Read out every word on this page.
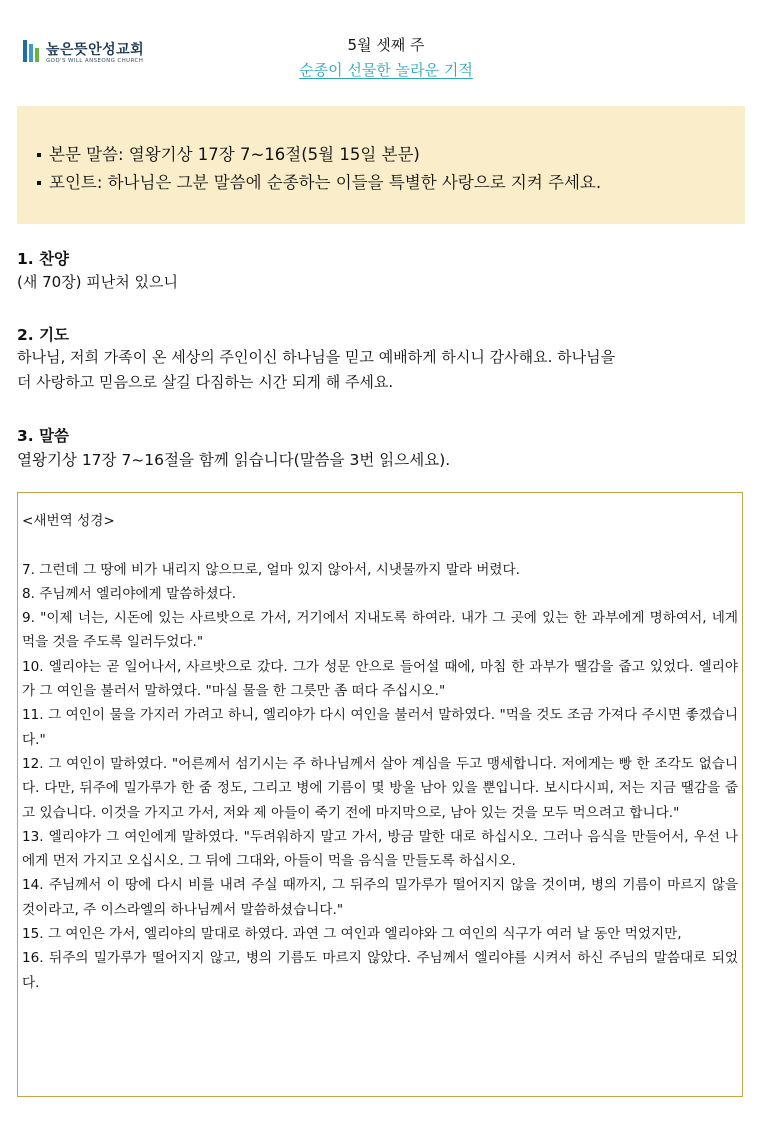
높은뜻안성교회
GOD'S WILL ANSEONG CHURCH
5월 셋째 주
순종이 선물한 놀라운 기적
본문 말씀: 열왕기상 17장 7~16절(5월 15일 본문)
포인트: 하나님은 그분 말씀에 순종하는 이들을 특별한 사랑으로 지켜 주세요.
1. 찬양
(새 70장) 피난처 있으니
2. 기도
하나님, 저희 가족이 온 세상의 주인이신 하나님을 믿고 예배하게 하시니 감사해요. 하나님을
더 사랑하고 믿음으로 살길 다짐하는 시간 되게 해 주세요.
3. 말씀
열왕기상 17장 7~16절을 함께 읽습니다(말씀을 3번 읽으세요).

<새번역 성경>

7. 그런데 그 땅에 비가 내리지 않으므로, 얼마 있지 않아서, 시냇물까지 말라 버렸다.

8. 주님께서 엘리야에게 말씀하셨다.

9. "이제 너는, 시돈에 있는 사르밧으로 가서, 거기에서 지내도록 하여라. 내가 그 곳에 있는 한 과부에게 명하여서, 네게 먹을 것을 주도록 일러두었다."

10. 엘리야는 곧 일어나서, 사르밧으로 갔다. 그가 성문 안으로 들어설 때에, 마침 한 과부가 땔감을 줍고 있었다. 엘리야가 그 여인을 불러서 말하였다. "마실 물을 한 그릇만 좀 떠다 주십시오."

11. 그 여인이 물을 가지러 가려고 하니, 엘리야가 다시 여인을 불러서 말하였다. "먹을 것도 조금 가져다 주시면 좋겠습니다."

12. 그 여인이 말하였다. "어른께서 섬기시는 주 하나님께서 살아 계심을 두고 맹세합니다. 저에게는 빵 한 조각도 없습니다. 다만, 뒤주에 밀가루가 한 줌 정도, 그리고 병에 기름이 몇 방울 남아 있을 뿐입니다. 보시다시피, 저는 지금 땔감을 줍고 있습니다. 이것을 가지고 가서, 저와 제 아들이 죽기 전에 마지막으로, 남아 있는 것을 모두 먹으려고 합니다."

13. 엘리야가 그 여인에게 말하였다. "두려워하지 말고 가서, 방금 말한 대로 하십시오. 그러나 음식을 만들어서, 우선 나에게 먼저 가지고 오십시오. 그 뒤에 그대와, 아들이 먹을 음식을 만들도록 하십시오.

14. 주님께서 이 땅에 다시 비를 내려 주실 때까지, 그 뒤주의 밀가루가 떨어지지 않을 것이며, 병의 기름이 마르지 않을 것이라고, 주 이스라엘의 하나님께서 말씀하셨습니다."

15. 그 여인은 가서, 엘리야의 말대로 하였다. 과연 그 여인과 엘리야와 그 여인의 식구가 여러 날 동안 먹었지만,

16. 뒤주의 밀가루가 떨어지지 않고, 병의 기름도 마르지 않았다. 주님께서 엘리야를 시켜서 하신 주님의 말씀대로 되었다.
